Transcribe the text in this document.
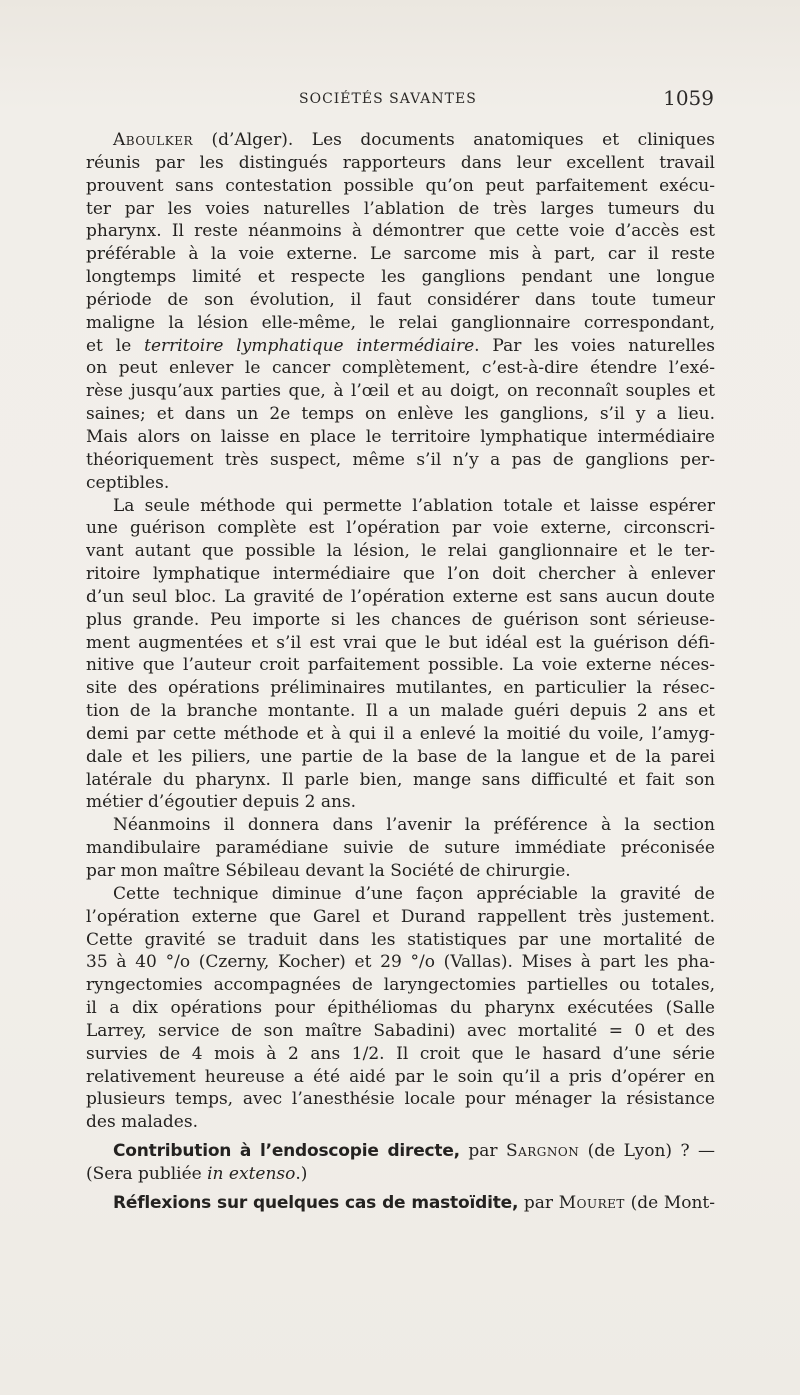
SOCIÉTÉS SAVANTES	1059
Aboulker (d’Alger). Les documents anatomiques et cliniques
réunis par les distingués rapporteurs dans leur excellent travail
prouvent sans contestation possible qu’on peut parfaitement exécu-
ter par les voies naturelles l’ablation de très larges tumeurs du
pharynx. Il reste néanmoins à démontrer que cette voie d’accès est
préférable à la voie externe. Le sarcome mis à part, car il reste
longtemps limité et respecte les ganglions pendant une longue
période de son évolution, il faut considérer dans toute tumeur
maligne la lésion elle-même, le relai ganglionnaire correspondant,
et le territoire lymphatique intermédiaire. Par les voies naturelles
on peut enlever le cancer complètement, c’est-à-dire étendre l’exé-
rèse jusqu’aux parties que, à l’œil et au doigt, on reconnaît souples et
saines; et dans un 2e temps on enlève les ganglions, s’il y a lieu.
Mais alors on laisse en place le territoire lymphatique intermédiaire
théoriquement très suspect, même s’il n’y a pas de ganglions per-
ceptibles.
La seule méthode qui permette l’ablation totale et laisse espérer
une guérison complète est l’opération par voie externe, circonscri-
vant autant que possible la lésion, le relai ganglionnaire et le ter-
ritoire lymphatique intermédiaire que l’on doit chercher à enlever
d’un seul bloc. La gravité de l’opération externe est sans aucun doute
plus grande. Peu importe si les chances de guérison sont sérieuse-
ment augmentées et s’il est vrai que le but idéal est la guérison défi-
nitive que l’auteur croit parfaitement possible. La voie externe néces-
site des opérations préliminaires mutilantes, en particulier la résec-
tion de la branche montante. Il a un malade guéri depuis 2 ans et
demi par cette méthode et à qui il a enlevé la moitié du voile, l’amyg-
dale et les piliers, une partie de la base de la langue et de la parei
latérale du pharynx. Il parle bien, mange sans difficulté et fait son
métier d’égoutier depuis 2 ans.
Néanmoins il donnera dans l’avenir la préférence à la section
mandibulaire paramédiane suivie de suture immédiate préconisée
par mon maître Sébileau devant la Société de chirurgie.
Cette technique diminue d’une façon appréciable la gravité de
l’opération externe que Garel et Durand rappellent très justement.
Cette gravité se traduit dans les statistiques par une mortalité de
35 à 40 °/o (Czerny, Kocher) et 29 °/o (Vallas). Mises à part les pha-
ryngectomies accompagnées de laryngectomies partielles ou totales,
il a dix opérations pour épithéliomas du pharynx exécutées (Salle
Larrey, service de son maître Sabadini) avec mortalité = 0 et des
survies de 4 mois à 2 ans 1/2. Il croit que le hasard d’une série
relativement heureuse a été aidé par le soin qu’il a pris d’opérer en
plusieurs temps, avec l’anesthésie locale pour ménager la résistance
des malades.
Contribution à l’endoscopie directe, par Sargnon (de Lyon) ? —
(Sera publiée in extenso.)
Réflexions sur quelques cas de mastoïdite, par Mouret (de Mont-
